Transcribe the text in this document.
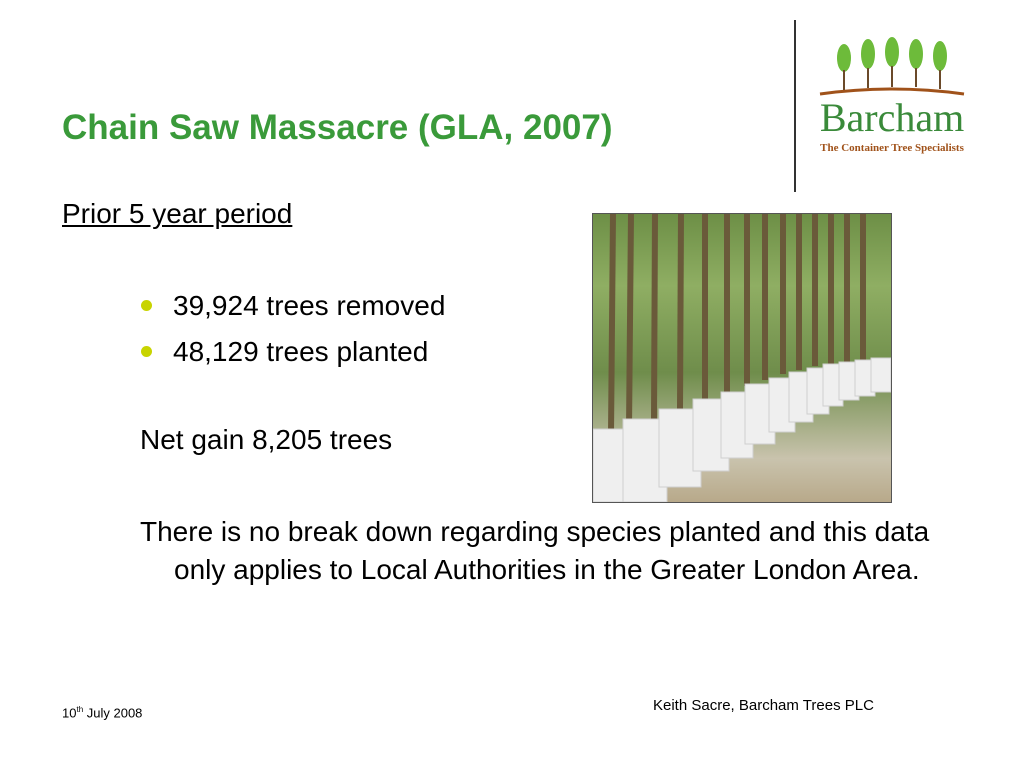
Chain Saw Massacre (GLA, 2007)	Barcham
The Container Tree Specialists
Prior 5 year period
39,924 trees removed
48,129 trees planted
Net gain 8,205 trees
There is no break down regarding species planted and this data only applies to Local Authorities in the Greater London Area.
10th July 2008	Keith Sacre, Barcham Trees PLC
